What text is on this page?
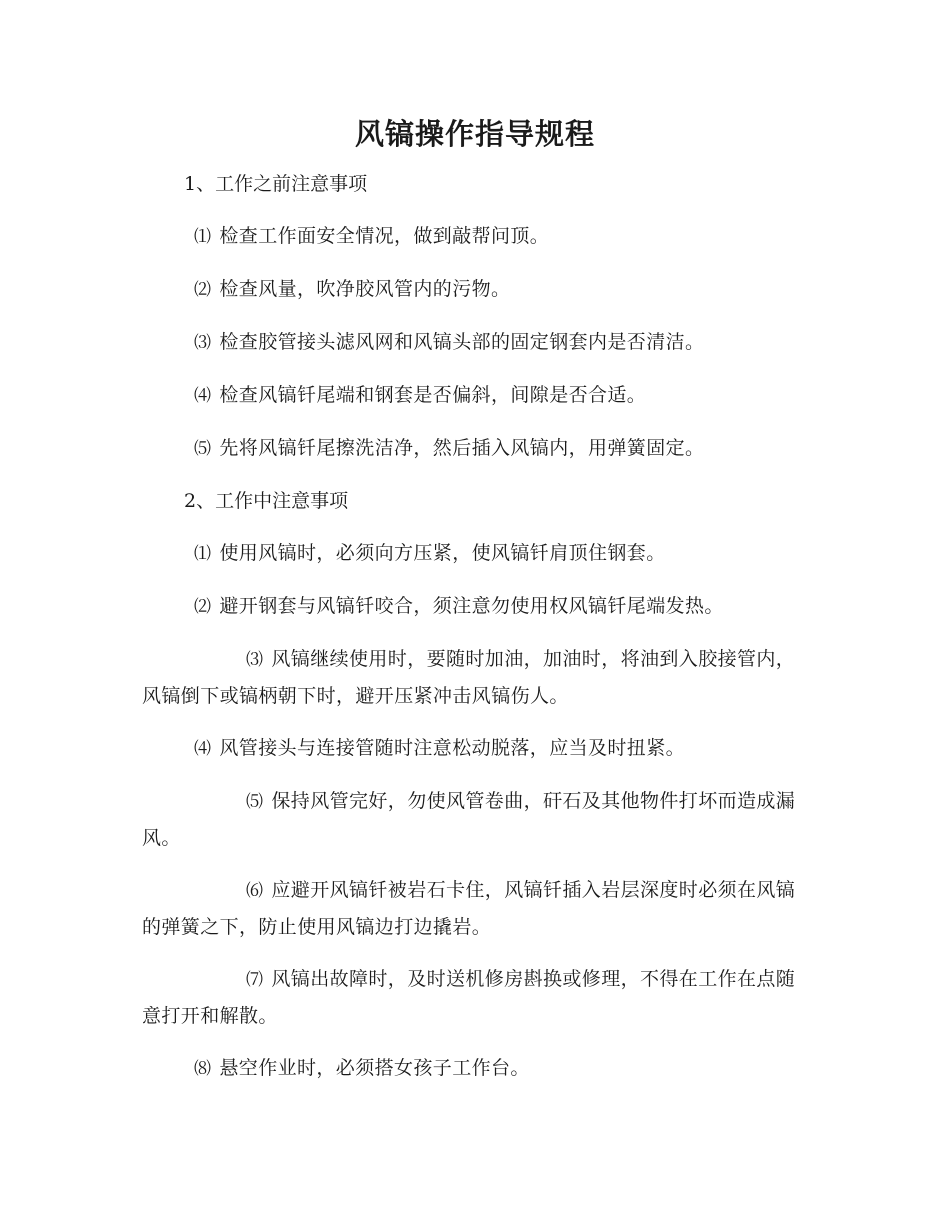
风镐操作指导规程

1、工作之前注意事项

⑴ 检查工作面安全情况，做到敲帮问顶。

⑵ 检查风量，吹净胶风管内的污物。

⑶ 检查胶管接头滤风网和风镐头部的固定钢套内是否清洁。

⑷ 检查风镐钎尾端和钢套是否偏斜，间隙是否合适。

⑸ 先将风镐钎尾擦洗洁净，然后插入风镐内，用弹簧固定。

2、工作中注意事项

⑴ 使用风镐时，必须向方压紧，使风镐钎肩顶住钢套。

⑵ 避开钢套与风镐钎咬合，须注意勿使用权风镐钎尾端发热。

⑶ 风镐继续使用时，要随时加油，加油时，将油到入胶接管内，风镐倒下或镐柄朝下时，避开压紧冲击风镐伤人。

⑷ 风管接头与连接管随时注意松动脱落，应当及时扭紧。

⑸ 保持风管完好，勿使风管卷曲，矸石及其他物件打坏而造成漏风。

⑹ 应避开风镐钎被岩石卡住，风镐钎插入岩层深度时必须在风镐的弹簧之下，防止使用风镐边打边撬岩。

⑺ 风镐出故障时，及时送机修房斟换或修理，不得在工作在点随意打开和解散。

⑻ 悬空作业时，必须搭女孩子工作台。
